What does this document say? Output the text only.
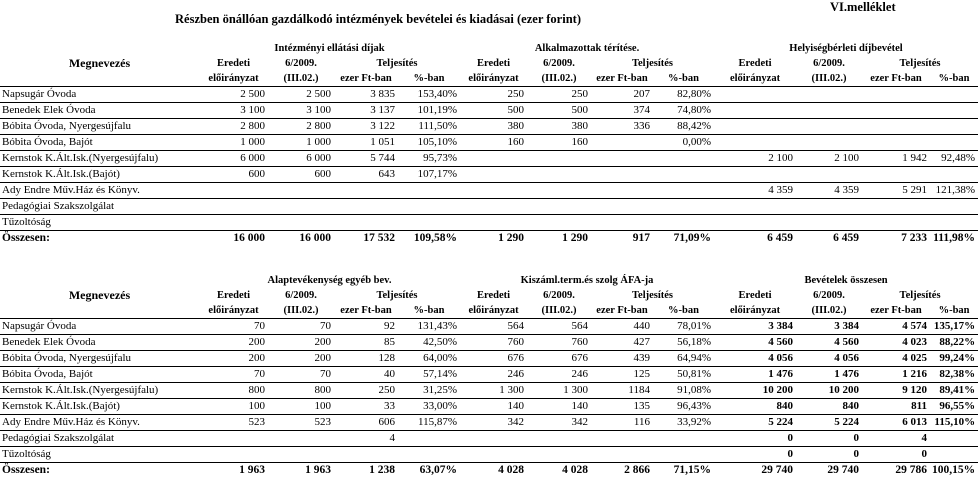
Részben önállóan gazdálkodó intézmények bevételei és kiadásai (ezer forint)
VI.melléklet
	Intézményi ellátási díjak				Alkalmazottak térítése.				Helyiségbérleti díjbevétel			
Megnevezés	Eredeti	6/2009.	Teljesítés		Eredeti	6/2009.	Teljesítés		Eredeti	6/2009.	Teljesítés	
	előirányzat	(III.02.)	ezer Ft-ban	%-ban	előirányzat	(III.02.)	ezer Ft-ban	%-ban	előirányzat	(III.02.)	ezer Ft-ban	%-ban
Napsugár Óvoda	2 500	2 500	3 835	153,40%	250	250	207	82,80%				
Benedek Elek Óvoda	3 100	3 100	3 137	101,19%	500	500	374	74,80%				
Bóbita Óvoda, Nyergesújfalu	2 800	2 800	3 122	111,50%	380	380	336	88,42%				
Bóbita Óvoda, Bajót	1 000	1 000	1 051	105,10%	160	160		0,00%				
Kernstok K.Ált.Isk.(Nyergesújfalu)	6 000	6 000	5 744	95,73%					2 100	2 100	1 942	92,48%
Kernstok K.Ált.Isk.(Bajót)	600	600	643	107,17%								
Ady Endre Műv.Ház és Könyv.									4 359	4 359	5 291	121,38%
Pedagógiai Szakszolgálat												
Tűzoltóság												
Összesen:	16 000	16 000	17 532	109,58%	1 290	1 290	917	71,09%	6 459	6 459	7 233	111,98%
	Alaptevékenység egyéb bev.				Kiszáml.term.és szolg ÁFA-ja				Bevételek összesen			
Megnevezés	Eredeti	6/2009.	Teljesítés		Eredeti	6/2009.	Teljesítés		Eredeti	6/2009.	Teljesítés	
	előirányzat	(III.02.)	ezer Ft-ban	%-ban	előirányzat	(III.02.)	ezer Ft-ban	%-ban	előirányzat	(III.02.)	ezer Ft-ban	%-ban
Napsugár Óvoda	70	70	92	131,43%	564	564	440	78,01%	3 384	3 384	4 574	135,17%
Benedek Elek Óvoda	200	200	85	42,50%	760	760	427	56,18%	4 560	4 560	4 023	88,22%
Bóbita Óvoda, Nyergesújfalu	200	200	128	64,00%	676	676	439	64,94%	4 056	4 056	4 025	99,24%
Bóbita Óvoda, Bajót	70	70	40	57,14%	246	246	125	50,81%	1 476	1 476	1 216	82,38%
Kernstok K.Ált.Isk.(Nyergesújfalu)	800	800	250	31,25%	1 300	1 300	1184	91,08%	10 200	10 200	9 120	89,41%
Kernstok K.Ált.Isk.(Bajót)	100	100	33	33,00%	140	140	135	96,43%	840	840	811	96,55%
Ady Endre Műv.Ház és Könyv.	523	523	606	115,87%	342	342	116	33,92%	5 224	5 224	6 013	115,10%
Pedagógiai Szakszolgálat			4						0	0	4	
Tűzoltóság									0	0	0	
Összesen:	1 963	1 963	1 238	63,07%	4 028	4 028	2 866	71,15%	29 740	29 740	29 786	100,15%
